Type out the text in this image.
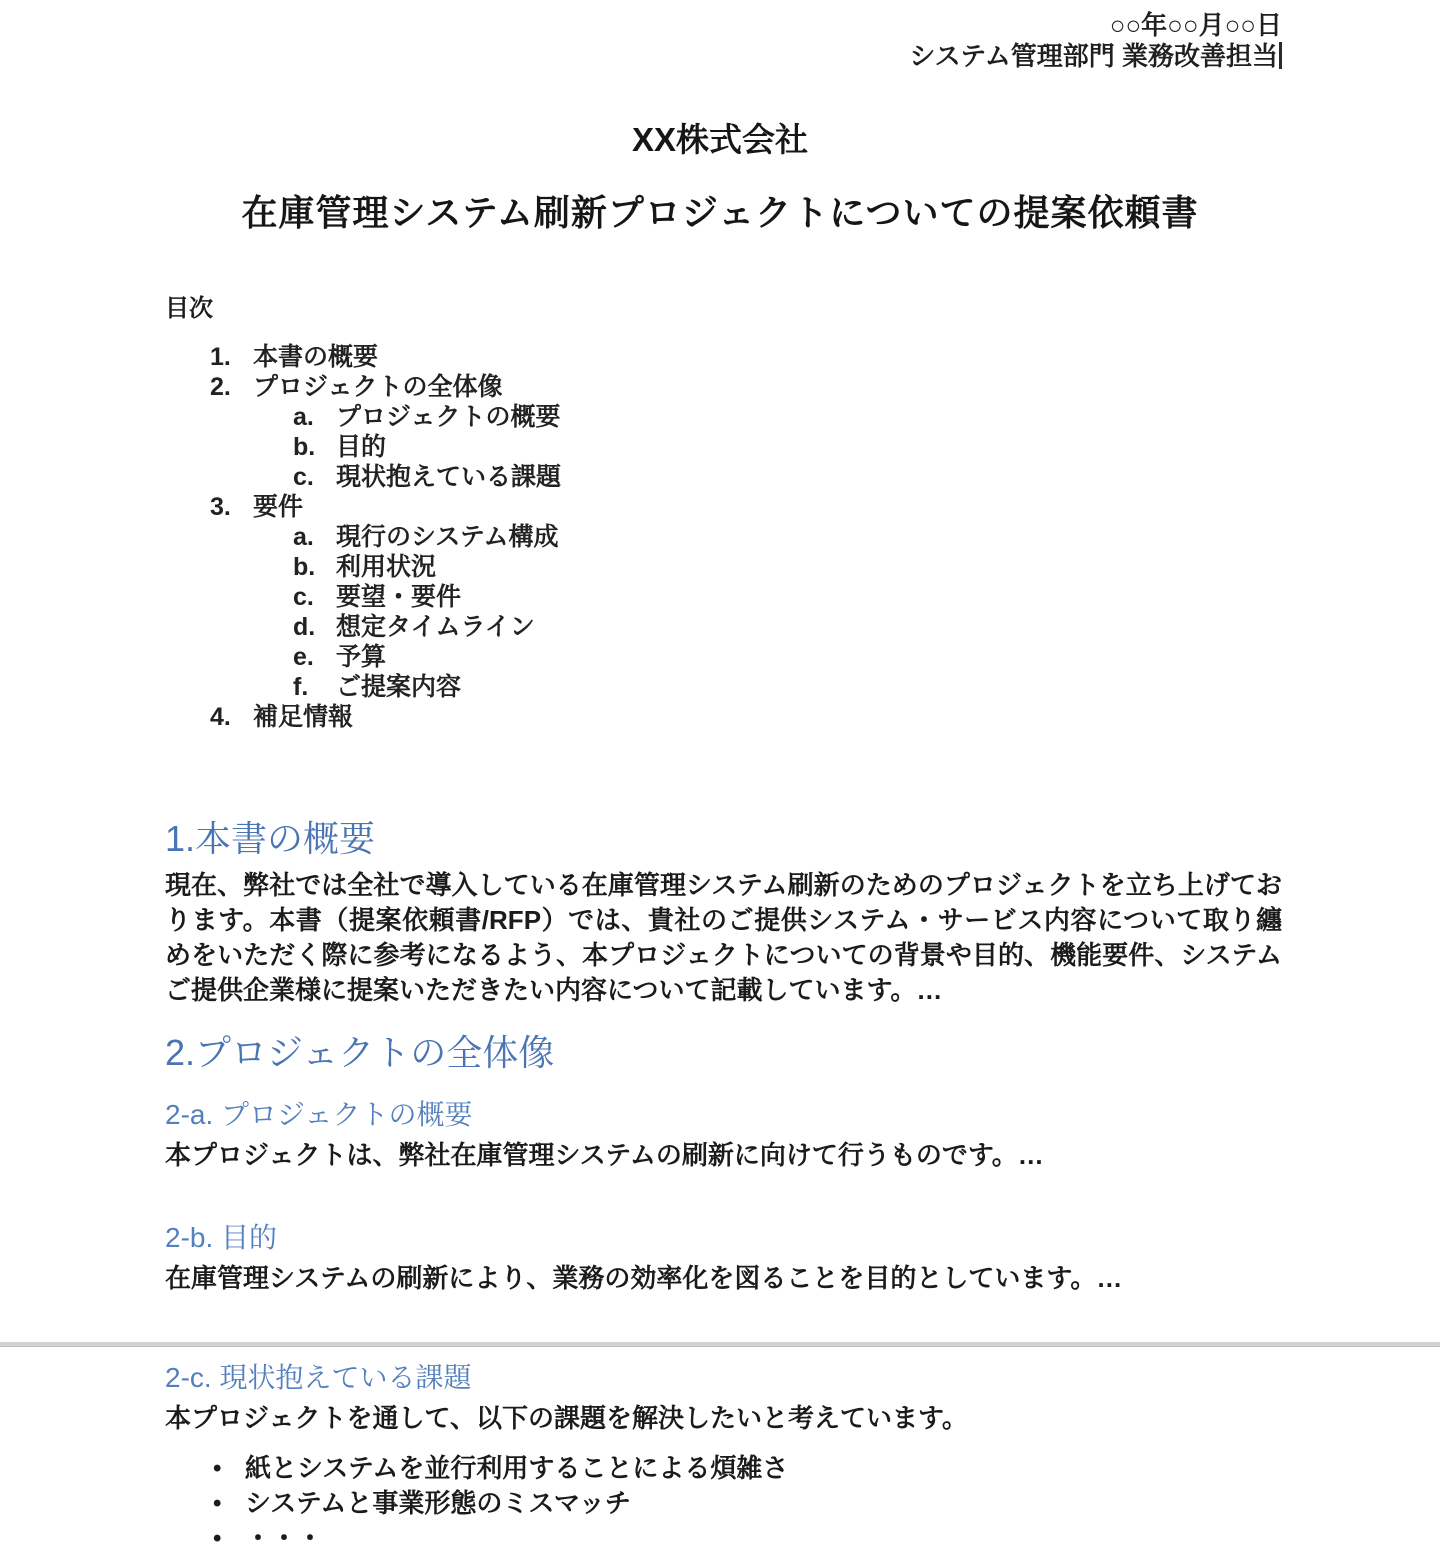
○○年○○月○○日
システム管理部門 業務改善担当
XX株式会社
在庫管理システム刷新プロジェクトについての提案依頼書
目次
1. 本書の概要
2. プロジェクトの全体像
a. プロジェクトの概要
b. 目的
c. 現状抱えている課題
3. 要件
a. 現行のシステム構成
b. 利用状況
c. 要望・要件
d. 想定タイムライン
e. 予算
f.	ご提案内容
4. 補足情報
1.本書の概要
現在、弊社では全社で導入している在庫管理システム刷新のためのプロジェクトを立ち上げております。本書（提案依頼書/RFP）では、貴社のご提供システム・サービス内容について取り纏めをいただく際に参考になるよう、本プロジェクトについての背景や目的、機能要件、システムご提供企業様に提案いただきたい内容について記載しています。…
2.プロジェクトの全体像
2-a. プロジェクトの概要
本プロジェクトは、弊社在庫管理システムの刷新に向けて行うものです。…
2-b. 目的
在庫管理システムの刷新により、業務の効率化を図ることを目的としています。…
2-c. 現状抱えている課題
本プロジェクトを通して、以下の課題を解決したいと考えています。
• 紙とシステムを並行利用することによる煩雑さ
• システムと事業形態のミスマッチ
• ・・・
